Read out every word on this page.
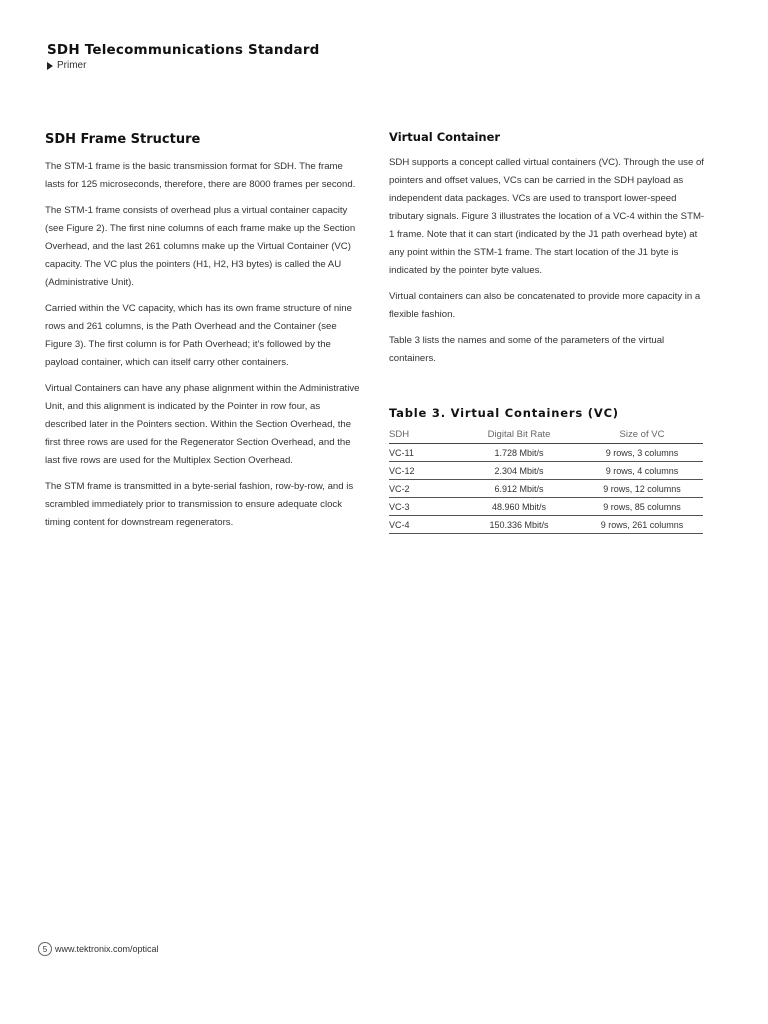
SDH Telecommunications Standard
Primer
SDH Frame Structure

The STM-1 frame is the basic transmission format for SDH. The frame lasts for 125 microseconds, therefore, there are 8000 frames per second.

The STM-1 frame consists of overhead plus a virtual container capacity (see Figure 2). The first nine columns of each frame make up the Section Overhead, and the last 261 columns make up the Virtual Container (VC) capacity. The VC plus the pointers (H1, H2, H3 bytes) is called the AU (Administrative Unit).

Carried within the VC capacity, which has its own frame structure of nine rows and 261 columns, is the Path Overhead and the Container (see Figure 3). The first column is for Path Overhead; it's followed by the payload container, which can itself carry other containers.

Virtual Containers can have any phase alignment within the Administrative Unit, and this alignment is indicated by the Pointer in row four, as described later in the Pointers section. Within the Section Overhead, the first three rows are used for the Regenerator Section Overhead, and the last five rows are used for the Multiplex Section Overhead.

The STM frame is transmitted in a byte-serial fashion, row-by-row, and is scrambled immediately prior to transmission to ensure adequate clock timing content for downstream regenerators.

Virtual Container

SDH supports a concept called virtual containers (VC). Through the use of pointers and offset values, VCs can be carried in the SDH payload as independent data packages. VCs are used to transport lower-speed tributary signals. Figure 3 illustrates the location of a VC-4 within the STM-1 frame. Note that it can start (indicated by the J1 path overhead byte) at any point within the STM-1 frame. The start location of the J1 byte is indicated by the pointer byte values.

Virtual containers can also be concatenated to provide more capacity in a flexible fashion.

Table 3 lists the names and some of the parameters of the virtual containers.

Table 3. Virtual Containers (VC)
SDH	Digital Bit Rate	Size of VC
VC-11	1.728 Mbit/s	9 rows, 3 columns
VC-12	2.304 Mbit/s	9 rows, 4 columns
VC-2	6.912 Mbit/s	9 rows, 12 columns
VC-3	48.960 Mbit/s	9 rows, 85 columns
VC-4	150.336 Mbit/s	9 rows, 261 columns
5 www.tektronix.com/optical
